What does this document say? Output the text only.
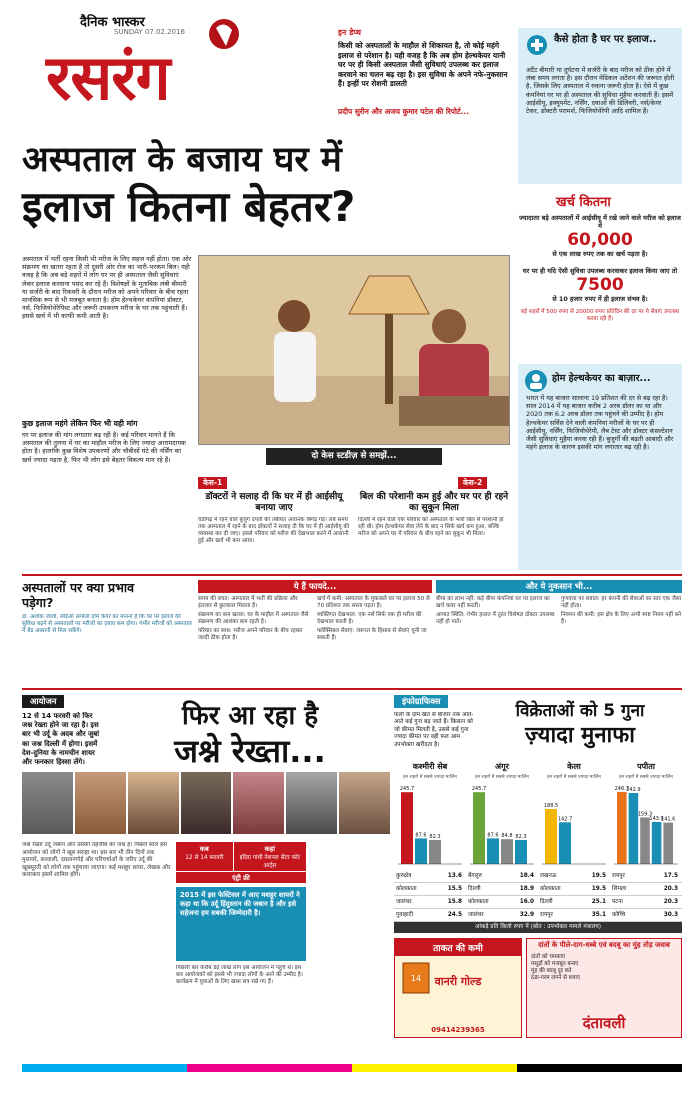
दैनिक भास्कर
SUNDAY 07.02.2016
रसरंग
इन डेप्थ
किसी को अस्पतालों के माहौल से शिकायत है, तो कोई महंगे इलाज से परेशान है। यही वजह है कि अब होम हेल्थकेयर यानी घर पर ही किसी अस्पताल जैसी सुविधाएं उपलब्ध कर इलाज करवाने का चलन बढ़ रहा है। इस सुविधा के अपने नफे-नुकसान हैं। इन्हीं पर रोशनी डालती
प्रदीप सुरीन और अजय कुमार पटेल की रिपोर्ट...
अस्पताल के बजाय घर में
इलाज कितना बेहतर?
कैसे होता है घर पर इलाज..
अटैंट बीमारी या दुर्घटना में सर्जरी के बाद मरीज को ठीक होने में लंबा समय लगता है। इस दौरान मेडिकल अटेंशन की जरूरत होती है, जिसके लिए अस्पताल में रुकना जरूरी होता है। ऐसे में कुछ कंपनियां घर पर ही अस्पताल की सुविधा मुहैया करवाती हैं। इसमें आईसीयू, इक्यूपमेंट, नर्सिंग, दवाओं की डिलिवरी, नर्स/केयर टेकर, डॉक्टरी परामर्श, फिजियोथेरेपी आदि शामिल हैं।
खर्च कितना
ज्यादातर बड़े अस्पतालों में आईसीयू में रखे जाने वाले मरीज को इलाज में
60,000
से एक लाख रुपए तक का खर्च पड़ता है।
घर पर ही यदि ऐसी सुविधा उपलब्ध करवाकर इलाज किया जाए तो
7500
से 10 हजार रुपए में ही इलाज संभव है।
बड़े शहरों में 500 रुपए से 20000 रुपए प्रतिदिन की दर पर ये सेवाएं उपलब्ध करवा रही हैं।
होम हेल्थकेयर का बाज़ार...
भारत में यह बाजार सालाना 19 प्रतिशत की दर से बढ़ रहा है। साल 2014 में यह बाजार करीब 2 अरब डॉलर का था और 2020 तक 6.2 अरब डॉलर तक पहुंचने की उम्मीद है। होम हेल्थकेयर सर्विस देने वाली कंपनियां मरीजों के घर पर ही आईसीयू, नर्सिंग, फिजियोथेरेपी, लैब टेस्ट और डॉक्टर कंसल्टेशन जैसी सुविधाएं मुहैया करवा रही हैं। बुजुर्गों की बढ़ती आबादी और महंगे इलाज के कारण इसकी मांग लगातार बढ़ रही है।
अस्पताल में भर्ती रहना किसी भी मरीज के लिए सहज नहीं होता। एक ओर संक्रमण का खतरा रहता है तो दूसरी ओर रोज का भारी-भरकम बिल। यही वजह है कि अब बड़े शहरों में लोग घर पर ही अस्पताल जैसी सुविधाएं लेकर इलाज करवाना पसंद कर रहे हैं। विशेषज्ञों के मुताबिक लंबी बीमारी या सर्जरी के बाद रिकवरी के दौरान मरीज को अपने परिवार के बीच रहना मानसिक रूप से भी मजबूत बनाता है। होम हेल्थकेयर कंपनियां डॉक्टर, नर्स, फिजियोथेरेपिस्ट और जरूरी उपकरण मरीज के घर तक पहुंचाती हैं। इससे खर्च में भी काफी कमी आती है।
कुछ इलाज महंगे लेकिन फिर भी वही मांग
घर पर इलाज की मांग लगातार बढ़ रही है। कई परिवार मानते हैं कि अस्पताल की तुलना में घर का माहौल मरीज के लिए ज्यादा आरामदायक होता है। हालांकि कुछ विशेष उपकरणों और चौबीसों घंटे की नर्सिंग का खर्च ज्यादा पड़ता है, फिर भी लोग इसे बेहतर विकल्प मान रहे हैं।	दो केस स्टडीज़ से समझें...
केस-1
डॉक्टरों ने सलाह दी कि घर में ही आईसीयू बनाया जाए
चंडीगढ़ में रहने वाले बुजुर्ग दंपती की तबीयत अचानक बिगड़ गई। लंबे समय तक अस्पताल में रहने के बाद डॉक्टरों ने सलाह दी कि घर में ही आईसीयू की व्यवस्था कर दी जाए। इससे परिवार को मरीज की देखभाल करने में आसानी हुई और खर्च भी कम आया।
केस-2
बिल की परेशानी कम हुई और घर पर ही रहने का सुकून मिला
दिल्ली में रहने वाले एक परिवार को अस्पताल के भारी बिल से परेशानी हो रही थी। होम हेल्थकेयर सेवा लेने के बाद न सिर्फ खर्च कम हुआ, बल्कि मरीज को अपने घर में परिवार के बीच रहने का सुकून भी मिला।
अस्पतालों पर क्या प्रभाव पड़ेगा?
डॉ. अशोक जोशी, सीईओ अपोलो होम केयर का मानना है कि घर पर इलाज की सुविधा बढ़ने से अस्पतालों पर मरीजों का दबाव कम होगा। गंभीर मरीजों को अस्पताल में बेड आसानी से मिल सकेंगे।
ये हैं फायदे...
समय की बचत: अस्पताल में भर्ती की प्रक्रिया और इंतजार से छुटकारा मिलता है।
संक्रमण का कम खतरा: घर के माहौल में अस्पताल जैसे संक्रमण की आशंका कम रहती है।
परिवार का साथ: मरीज अपने परिवार के बीच रहकर जल्दी ठीक होता है।
खर्च में कमी: अस्पताल के मुकाबले घर पर इलाज 50 से 70 प्रतिशत तक सस्ता पड़ता है।
व्यक्तिगत देखभाल: एक नर्स सिर्फ एक ही मरीज की देखभाल करती है।
फ्लेक्सिबल सेवाएं: जरूरत के हिसाब से सेवाएं चुनी जा सकती हैं।
और ये नुकसान भी...
बीमा का लाभ नहीं: कई बीमा कंपनियां घर पर इलाज का खर्च कवर नहीं करतीं।
आपात स्थिति: गंभीर हालत में तुरंत विशेषज्ञ डॉक्टर उपलब्ध नहीं हो पाते।
गुणवत्ता पर सवाल: हर कंपनी की सेवाओं का स्तर एक जैसा नहीं होता।
नियमन की कमी: इस क्षेत्र के लिए अभी स्पष्ट नियम नहीं बने हैं।
आयोजन
12 से 14 फरवरी को फिर जश्न रेख्ता होने जा रहा है। इस बार भी उर्दू के अदब और जुबां का जश्न दिल्ली में होगा। इसमें देश-दुनिया के नामचीन शायर और फनकार हिस्सा लेंगे।
फिर आ रहा है
जश्ने रेख्ता...
जश्ने रेख्ता उर्दू जबान और उसकी तहजीब का जश्न है। पिछले साल इस आयोजन को लोगों ने खूब सराहा था। इस बार भी तीन दिनों तक मुशायरे, कव्वाली, दास्तानगोई और परिचर्चाओं के जरिए उर्दू की खूबसूरती को लोगों तक पहुंचाया जाएगा। कई मशहूर शायर, लेखक और कलाकार इसमें शामिल होंगे।
कब
12 से 14 फरवरी
कहां
इंदिरा गांधी नेशनल सेंटर फॉर आर्ट्स
एंट्री फ्री
2015 में इस फेस्टिवल में आए मशहूर शायरों ने कहा था कि उर्दू हिंदुस्तान की जबान है और इसे सहेजना हम सबकी जिम्मेदारी है।
पिछली बार करीब डेढ़ लाख लोग इस आयोजन में पहुंचे थे। इस बार आयोजकों को इससे भी ज्यादा लोगों के आने की उम्मीद है। कार्यक्रम में युवाओं के लिए खास सत्र रखे गए हैं।
इंफोग्राफिक्स
फलों के दाम खेत से बाजार तक आते-आते कई गुना बढ़ जाते हैं। किसान को जो कीमत मिलती है, उससे कई गुना ज्यादा कीमत पर वही फल आम उपभोक्ता खरीदता है।
विक्रेताओं को 5 गुना
ज़्यादा मुनाफा
कश्मीरी सेब
इन शहरों में सबसे ज्यादा मार्जिन
245.7
87.6 82.3
अंगूर
इन शहरों में सबसे ज्यादा मार्जिन
245.7
87.6 84.8 82.3
केला
इन शहरों में सबसे ज्यादा मार्जिन
188.5
142.7
पपीता
इन शहरों में सबसे ज्यादा मार्जिन
246.7
242.9
159.3
143.9
141.6
कुरुक्षेत्र	13.6	बेंगलुरु	18.4	लखनऊ	19.5	रायपुर	17.5
कोलकाता	15.5	दिल्ली	18.9	कोलकाता	19.5	शिमला	20.3
जालंधर	15.8	कोलकाता	16.0	दिल्ली	25.1	पटना	20.3
गुवाहाटी	24.5	जालंधर	32.9	रायपुर	35.1	कोच्चि	30.3
आंकड़े प्रति किलो रुपए में (स्रोत : उपभोक्ता मामले मंत्रालय)
ताकत की कमी
वानरी गोल्ड
14
09414239365
दांतों के पीले-दाग-धब्बे एवं बदबू का मुंह तोड़ जवाब
दांतों को चमकाए
मसूड़ों को मजबूत बनाए
मुंह की बदबू दूर करे
ठंडा-गरम लगने से बचाए
दंतावली
